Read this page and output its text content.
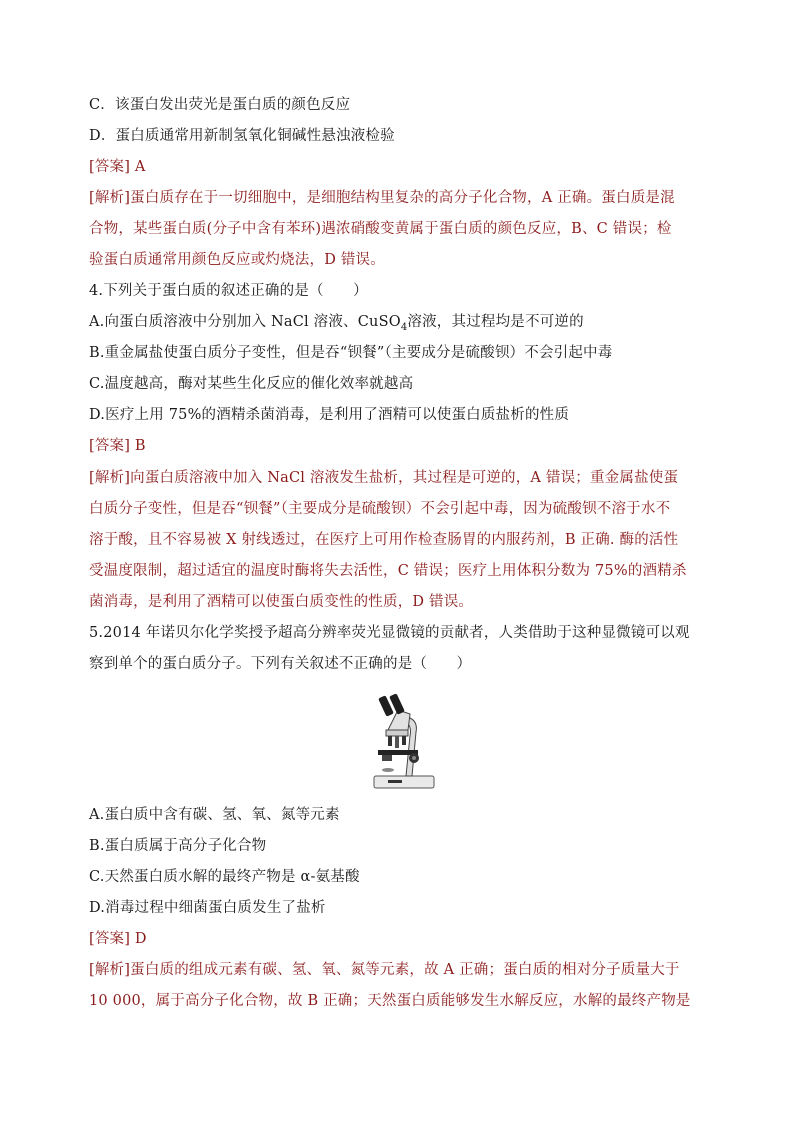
C．该蛋白发出荧光是蛋白质的颜色反应
D．蛋白质通常用新制氢氧化铜碱性悬浊液检验
[答案] A
[解析]蛋白质存在于一切细胞中，是细胞结构里复杂的高分子化合物，A 正确。蛋白质是混
合物，某些蛋白质(分子中含有苯环)遇浓硝酸变黄属于蛋白质的颜色反应，B、C 错误；检
验蛋白质通常用颜色反应或灼烧法，D 错误。
4.下列关于蛋白质的叙述正确的是（　　）
A.向蛋白质溶液中分别加入 NaCl 溶液、CuSO$_4$溶液，其过程均是不可逆的
B.重金属盐使蛋白质分子变性，但是吞“钡餐”（主要成分是硫酸钡）不会引起中毒
C.温度越高，酶对某些生化反应的催化效率就越高
D.医疗上用 75%的酒精杀菌消毒，是利用了酒精可以使蛋白质盐析的性质
[答案] B
[解析]向蛋白质溶液中加入 NaCl 溶液发生盐析，其过程是可逆的，A 错误；重金属盐使蛋
白质分子变性，但是吞“钡餐”（主要成分是硫酸钡）不会引起中毒，因为硫酸钡不溶于水不
溶于酸，且不容易被 X 射线透过，在医疗上可用作检查肠胃的内服药剂，B 正确. 酶的活性
受温度限制，超过适宜的温度时酶将失去活性，C 错误；医疗上用体积分数为 75%的酒精杀
菌消毒，是利用了酒精可以使蛋白质变性的性质，D 错误。
5.2014 年诺贝尔化学奖授予超高分辨率荧光显微镜的贡献者，人类借助于这种显微镜可以观
察到单个的蛋白质分子。下列有关叙述不正确的是（　　）
A.蛋白质中含有碳、氢、氧、氮等元素
B.蛋白质属于高分子化合物
C.天然蛋白质水解的最终产物是 α-氨基酸
D.消毒过程中细菌蛋白质发生了盐析
[答案] D
[解析]蛋白质的组成元素有碳、氢、氧、氮等元素，故 A 正确；蛋白质的相对分子质量大于
10 000，属于高分子化合物，故 B 正确；天然蛋白质能够发生水解反应，水解的最终产物是
